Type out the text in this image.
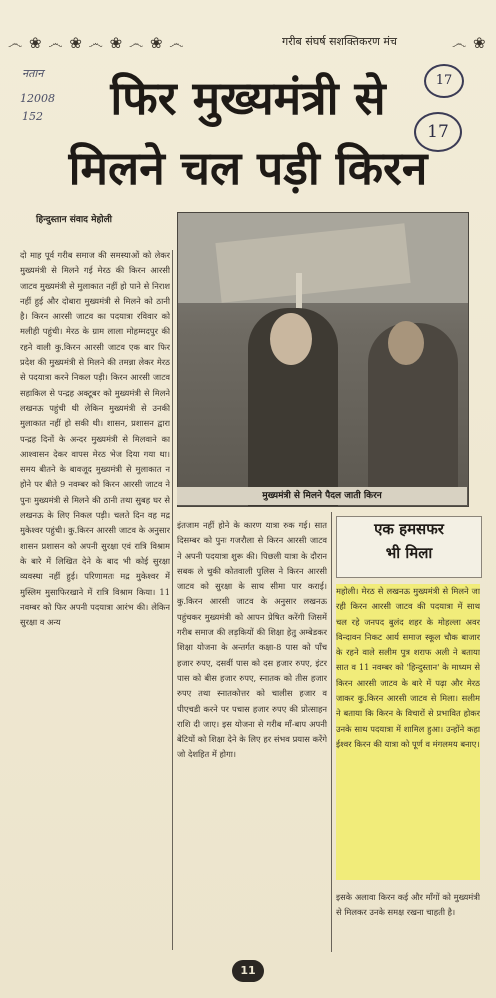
෴ ❀ ෴ ❀ ෴ ❀ ෴ ❀ ෴	गरीब संघर्ष सशक्तिकरण मंच	෴ ❀
नतान
12008
152
17
17
फिर मुख्यमंत्री से
मिलने चल पड़ी किरन
हिन्दुस्तान संवाद मेहोली
दो माह पूर्व गरीब समाज की समस्याओं को लेकर मुख्यमंत्री से मिलने गई मेरठ की किरन आरसी जाटव मुख्यमंत्री से मुलाकात नहीं हो पाने से निराश नहीं हुई और दोबारा मुख्यमंत्री से मिलने को ठानी है। किरन आरसी जाटव का पदयात्रा रविवार को मलीही पहुंची। मेरठ के ग्राम लाला मोहम्मदपुर की रहने वाली कु.किरन आरसी जाटव एक बार फिर प्रदेश की मुख्यमंत्री से मिलने की तमन्ना लेकर मेरठ से पदयात्रा करने निकल पड़ी। किरन आरसी जाटव सहाकिल से पन्द्रह अक्टूबर को मुख्यमंत्री से मिलने लखनऊ पहुंची थी लेकिन मुख्यमंत्री से उनकी मुलाकात नहीं हो सकी थी। शासन, प्रशासन द्वारा पन्द्रह दिनों के अन्दर मुख्यमंत्री से मिलवाने का आश्वासन देकर वापस मेरठ भेज दिया गया था। समय बीतने के बावजूद मुख्यमंत्री से मुलाकात न होने पर बीते 9 नवम्बर को किरन आरसी जाटव ने पुनः मुख्यमंत्री से मिलने की ठानी तथा सुबह घर से लखनऊ के लिए निकल पड़ी। चलते दिन वह मद्र मुकेश्वर पहुंची। कु.किरन आरसी जाटव के अनुसार शासन प्रशासन को अपनी सुरक्षा एवं रात्रि विश्राम के बारे में लिखित देने के बाद भी कोई सुरक्षा व्यवस्था नहीं हुई। परिणामतः मद्र मुकेश्वर में मुस्लिम मुसाफिरखाने में रात्रि विश्राम किया। 11 नवम्बर को फिर अपनी पदयात्रा आरंभ की। लेकिन सुरक्षा व अन्य
मुख्यमंत्री से मिलने पैदल जाती किरन
इंतजाम नहीं होने के कारण यात्रा रुक गई। सात दिसम्बर को पुनः गजरौला से किरन आरसी जाटव ने अपनी पदयात्रा शुरू की। पिछली यात्रा के दौरान सबक ले चुकी कोतवाली पुलिस ने किरन आरसी जाटव को सुरक्षा के साथ सीमा पार कराई। कु.किरन आरसी जाटव के अनुसार लखनऊ पहुंचकर मुख्यमंत्री को आपन प्रेषित करेंगी जिसमें गरीब समाज की लड़कियों की शिक्षा हेतु अम्बेडकर शिक्षा योजना के अन्तर्गत कक्षा-8 पास को पाँच हजार रुपए, दसवीं पास को दस हजार रुपए, इंटर पास को बीस हजार रुपए, स्नातक को तीस हजार रुपए तथा स्नातकोत्तर को चालीस हजार व पीएचडी करने पर पचास हजार रुपए की प्रोत्साहन राशि दी जाए। इस योजना से गरीब माँ-बाप अपनी बेटियों को शिक्षा देने के लिए हर संभव प्रयास करेंगे जो देशहित में होगा।
एक हमसफर
भी मिला
महोली। मेरठ से लखनऊ मुख्यमंत्री से मिलने जा रही किरन आरसी जाटव की पदयात्रा में साथ चल रहे जनपद बुलंद शहर के मोहल्ला अवर विन्दावन निकट आर्य समाज स्कूल चौक बाजार के रहने वाले सलीम पुत्र शराफ अली ने बताया सात व 11 नवम्बर को 'हिन्दुस्तान' के माध्यम से किरन आरसी जाटव के बारे में पढ़ा और मेरठ जाकर कु.किरन आरसी जाटव से मिला। सलीम ने बताया कि किरन के विचारों से प्रभावित होकर उनके साथ पदयात्रा में शामिल हुआ। उन्होंने कहा ईश्वर किरन की यात्रा को पूर्ण व मंगलमय बनाए।
इसके अलावा किरन कई और माँगों को मुख्यमंत्री से मिलकर उनके समक्ष रखना चाहती है।
11
